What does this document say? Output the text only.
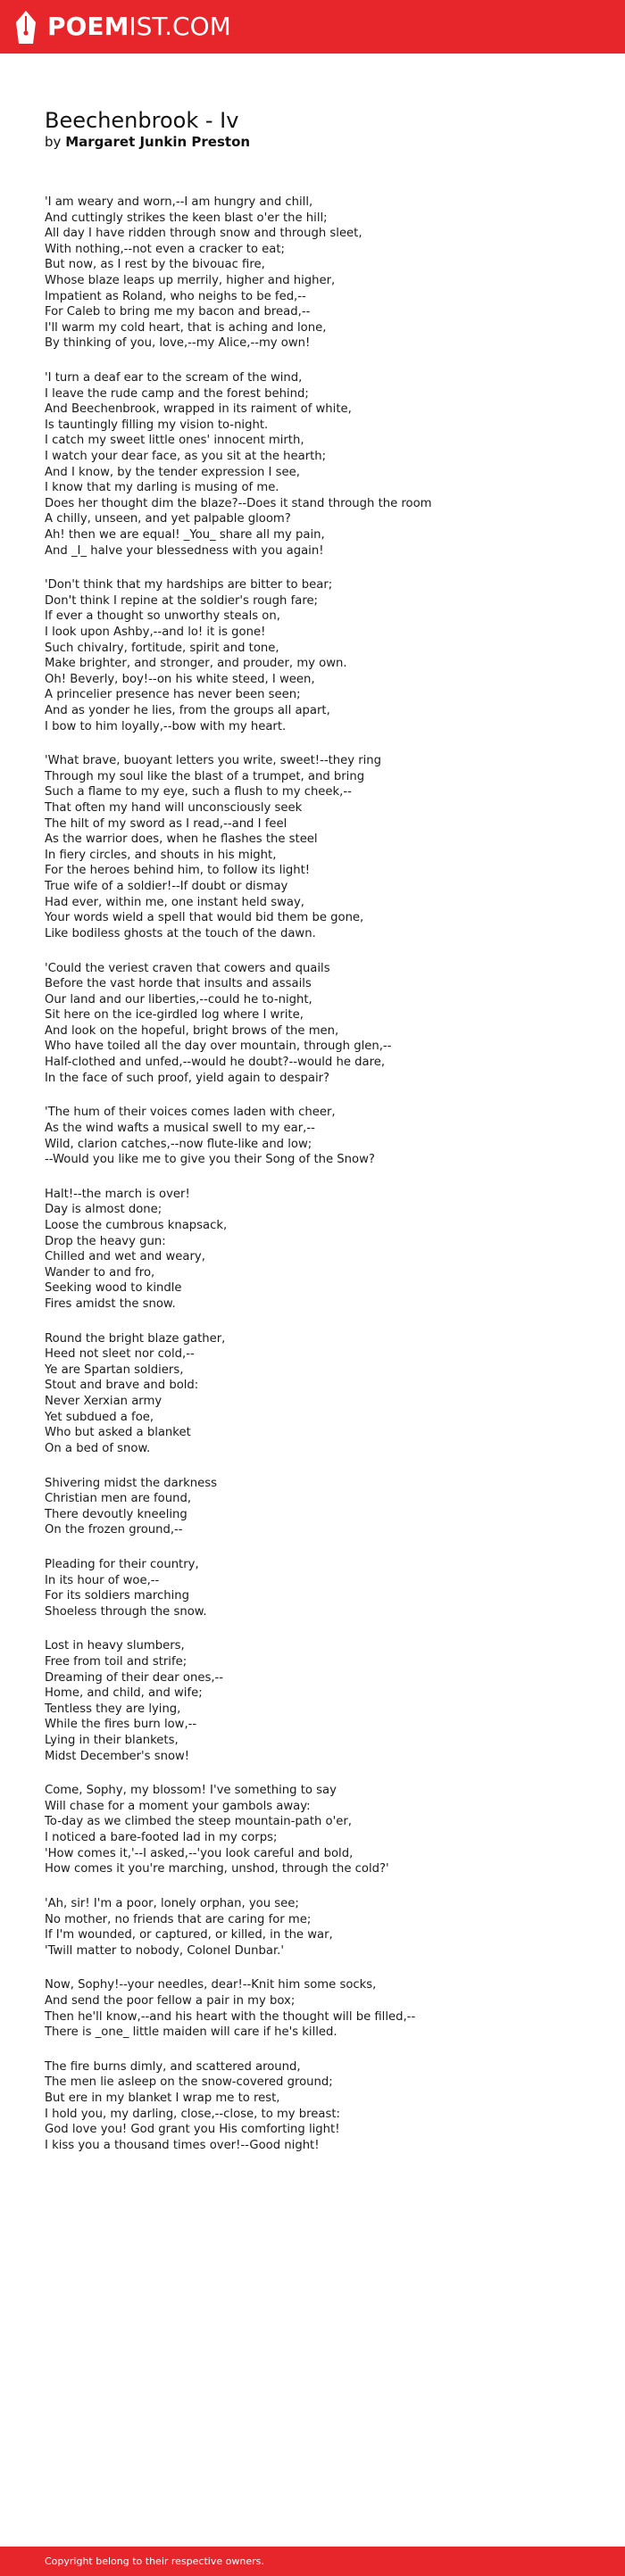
POEMIST.COM
Beechenbrook - Iv
by Margaret Junkin Preston
'I am weary and worn,--I am hungry and chill,
And cuttingly strikes the keen blast o'er the hill;
All day I have ridden through snow and through sleet,
With nothing,--not even a cracker to eat;
But now, as I rest by the bivouac fire,
Whose blaze leaps up merrily, higher and higher,
Impatient as Roland, who neighs to be fed,--
For Caleb to bring me my bacon and bread,--
I'll warm my cold heart, that is aching and lone,
By thinking of you, love,--my Alice,--my own!
'I turn a deaf ear to the scream of the wind,
I leave the rude camp and the forest behind;
And Beechenbrook, wrapped in its raiment of white,
Is tauntingly filling my vision to-night.
I catch my sweet little ones' innocent mirth,
I watch your dear face, as you sit at the hearth;
And I know, by the tender expression I see,
I know that my darling is musing of me.
Does her thought dim the blaze?--Does it stand through the room
A chilly, unseen, and yet palpable gloom?
Ah! then we are equal! _You_ share all my pain,
And _I_ halve your blessedness with you again!
'Don't think that my hardships are bitter to bear;
Don't think I repine at the soldier's rough fare;
If ever a thought so unworthy steals on,
I look upon Ashby,--and lo! it is gone!
Such chivalry, fortitude, spirit and tone,
Make brighter, and stronger, and prouder, my own.
Oh! Beverly, boy!--on his white steed, I ween,
A princelier presence has never been seen;
And as yonder he lies, from the groups all apart,
I bow to him loyally,--bow with my heart.
'What brave, buoyant letters you write, sweet!--they ring
Through my soul like the blast of a trumpet, and bring
Such a flame to my eye, such a flush to my cheek,--
That often my hand will unconsciously seek
The hilt of my sword as I read,--and I feel
As the warrior does, when he flashes the steel
In fiery circles, and shouts in his might,
For the heroes behind him, to follow its light!
True wife of a soldier!--If doubt or dismay
Had ever, within me, one instant held sway,
Your words wield a spell that would bid them be gone,
Like bodiless ghosts at the touch of the dawn.
'Could the veriest craven that cowers and quails
Before the vast horde that insults and assails
Our land and our liberties,--could he to-night,
Sit here on the ice-girdled log where I write,
And look on the hopeful, bright brows of the men,
Who have toiled all the day over mountain, through glen,--
Half-clothed and unfed,--would he doubt?--would he dare,
In the face of such proof, yield again to despair?
'The hum of their voices comes laden with cheer,
As the wind wafts a musical swell to my ear,--
Wild, clarion catches,--now flute-like and low;
--Would you like me to give you their Song of the Snow?
Halt!--the march is over!
Day is almost done;
Loose the cumbrous knapsack,
Drop the heavy gun:
Chilled and wet and weary,
Wander to and fro,
Seeking wood to kindle
Fires amidst the snow.
Round the bright blaze gather,
Heed not sleet nor cold,--
Ye are Spartan soldiers,
Stout and brave and bold:
Never Xerxian army
Yet subdued a foe,
Who but asked a blanket
On a bed of snow.
Shivering midst the darkness
Christian men are found,
There devoutly kneeling
On the frozen ground,--
Pleading for their country,
In its hour of woe,--
For its soldiers marching
Shoeless through the snow.
Lost in heavy slumbers,
Free from toil and strife;
Dreaming of their dear ones,--
Home, and child, and wife;
Tentless they are lying,
While the fires burn low,--
Lying in their blankets,
Midst December's snow!
Come, Sophy, my blossom! I've something to say
Will chase for a moment your gambols away:
To-day as we climbed the steep mountain-path o'er,
I noticed a bare-footed lad in my corps;
'How comes it,'--I asked,--'you look careful and bold,
How comes it you're marching, unshod, through the cold?'
'Ah, sir! I'm a poor, lonely orphan, you see;
No mother, no friends that are caring for me;
If I'm wounded, or captured, or killed, in the war,
'Twill matter to nobody, Colonel Dunbar.'
Now, Sophy!--your needles, dear!--Knit him some socks,
And send the poor fellow a pair in my box;
Then he'll know,--and his heart with the thought will be filled,--
There is _one_ little maiden will care if he's killed.
The fire burns dimly, and scattered around,
The men lie asleep on the snow-covered ground;
But ere in my blanket I wrap me to rest,
I hold you, my darling, close,--close, to my breast:
God love you! God grant you His comforting light!
I kiss you a thousand times over!--Good night!
Copyright belong to their respective owners.
